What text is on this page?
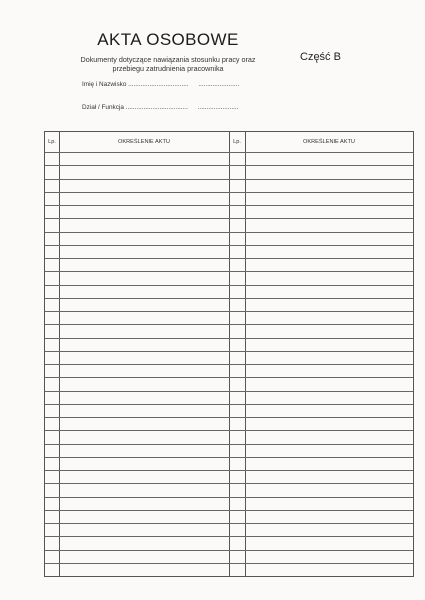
AKTA OSOBOWE
Dokumenty dotyczące nawiązania stosunku pracy oraz
przebiegu zatrudnienia pracownika
Część B
Imię i Nazwisko .................................. .......................
Dział / Funkcja ................................... .......................
Lp.	OKREŚLENIE AKTU	Lp.	OKREŚLENIE AKTU
